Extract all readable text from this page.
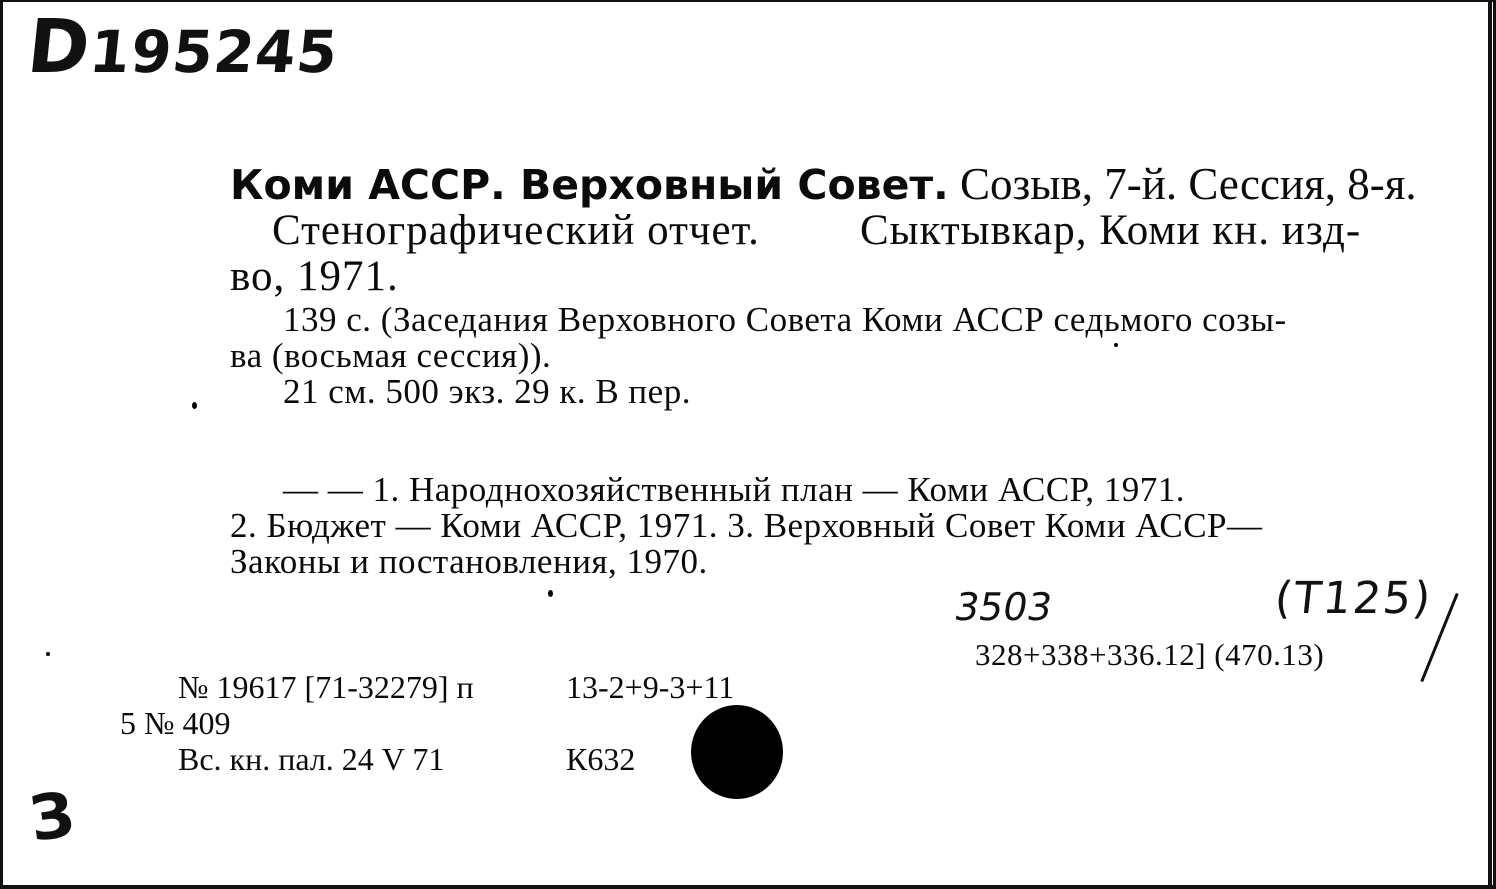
D195245
Коми АССР. Верховный Совет. Созыв, 7-й. Сессия, 8-я.
Стенографический отчет. Сыктывкар, Коми кн. изд-
во, 1971.
139 с. (Заседания Верховного Совета Коми АССР седьмого созы-
ва (восьмая сессия)).
21 см. 500 экз. 29 к. В пер.
— — 1. Народнохозяйственный план — Коми АССР, 1971.
2. Бюджет — Коми АССР, 1971. 3. Верховный Совет Коми АССР—
Законы и постановления, 1970.
3503	(Т125)
328+338+336.12] (470.13)
№ 19617 [71-32279] п	13-2+9-3+11
5 № 409
Вс. кн. пал. 24 V 71	К632
З
